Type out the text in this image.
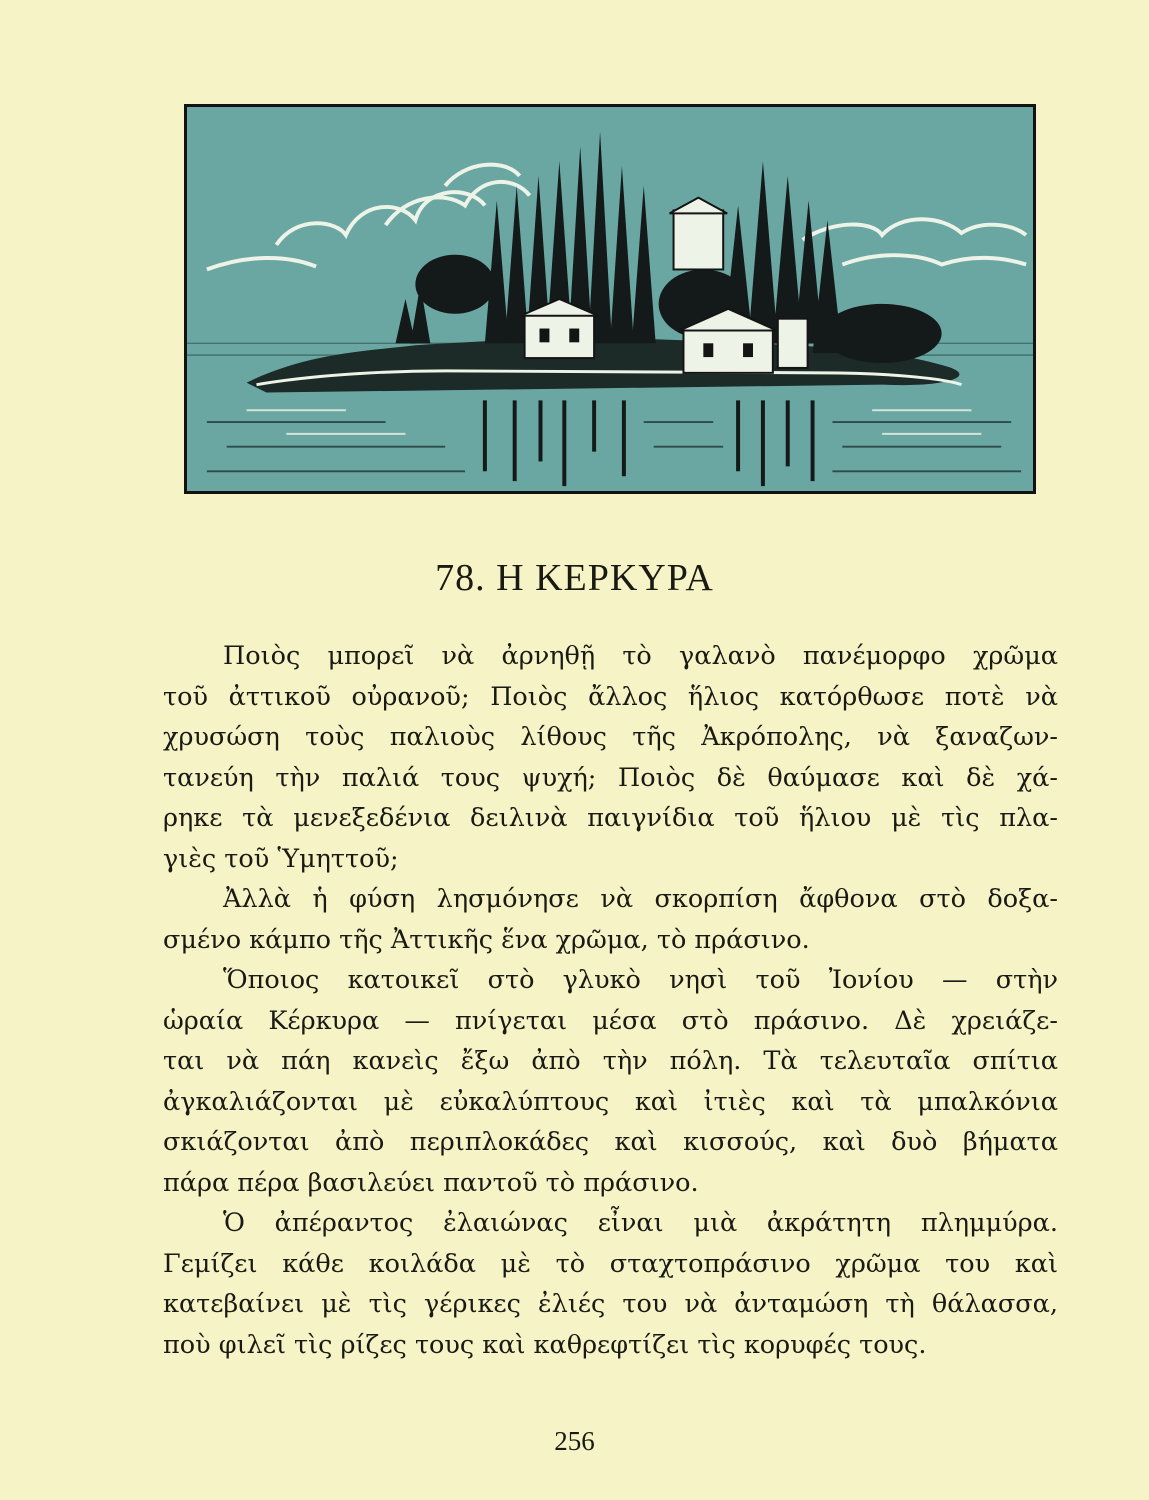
78. Η ΚΕΡΚΥΡΑ

Ποιὸς μπορεῖ νὰ ἀρνηθῇ τὸ γαλανὸ πανέμορφο χρῶμα
τοῦ ἀττικοῦ οὐρανοῦ; Ποιὸς ἄλλος ἥλιος κατόρθωσε ποτὲ νὰ
χρυσώση τοὺς παλιοὺς λίθους τῆς Ἀκρόπολης, νὰ ξαναζων-
τανεύη τὴν παλιά τους ψυχή; Ποιὸς δὲ θαύμασε καὶ δὲ χά-
ρηκε τὰ μενεξεδένια δειλινὰ παιγνίδια τοῦ ἥλιου μὲ τὶς πλα-
γιὲς τοῦ Ὑμηττοῦ;

Ἀλλὰ ἡ φύση λησμόνησε νὰ σκορπίση ἄφθονα στὸ δοξα-
σμένο κάμπο τῆς Ἀττικῆς ἕνα χρῶμα, τὸ πράσινο.

Ὅποιος κατοικεῖ στὸ γλυκὸ νησὶ τοῦ Ἰονίου — στὴν
ὡραία Κέρκυρα — πνίγεται μέσα στὸ πράσινο. Δὲ χρειάζε-
ται νὰ πάη κανεὶς ἔξω ἀπὸ τὴν πόλη. Τὰ τελευταῖα σπίτια
ἀγκαλιάζονται μὲ εὐκαλύπτους καὶ ἰτιὲς καὶ τὰ μπαλκόνια
σκιάζονται ἀπὸ περιπλοκάδες καὶ κισσούς, καὶ δυὸ βήματα
πάρα πέρα βασιλεύει παντοῦ τὸ πράσινο.

Ὁ ἀπέραντος ἐλαιώνας εἶναι μιὰ ἀκράτητη πλημμύρα.
Γεμίζει κάθε κοιλάδα μὲ τὸ σταχτοπράσινο χρῶμα του καὶ
κατεβαίνει μὲ τὶς γέρικες ἐλιές του νὰ ἀνταμώση τὴ θάλασσα,
ποὺ φιλεῖ τὶς ρίζες τους καὶ καθρεφτίζει τὶς κορυφές τους.

256
